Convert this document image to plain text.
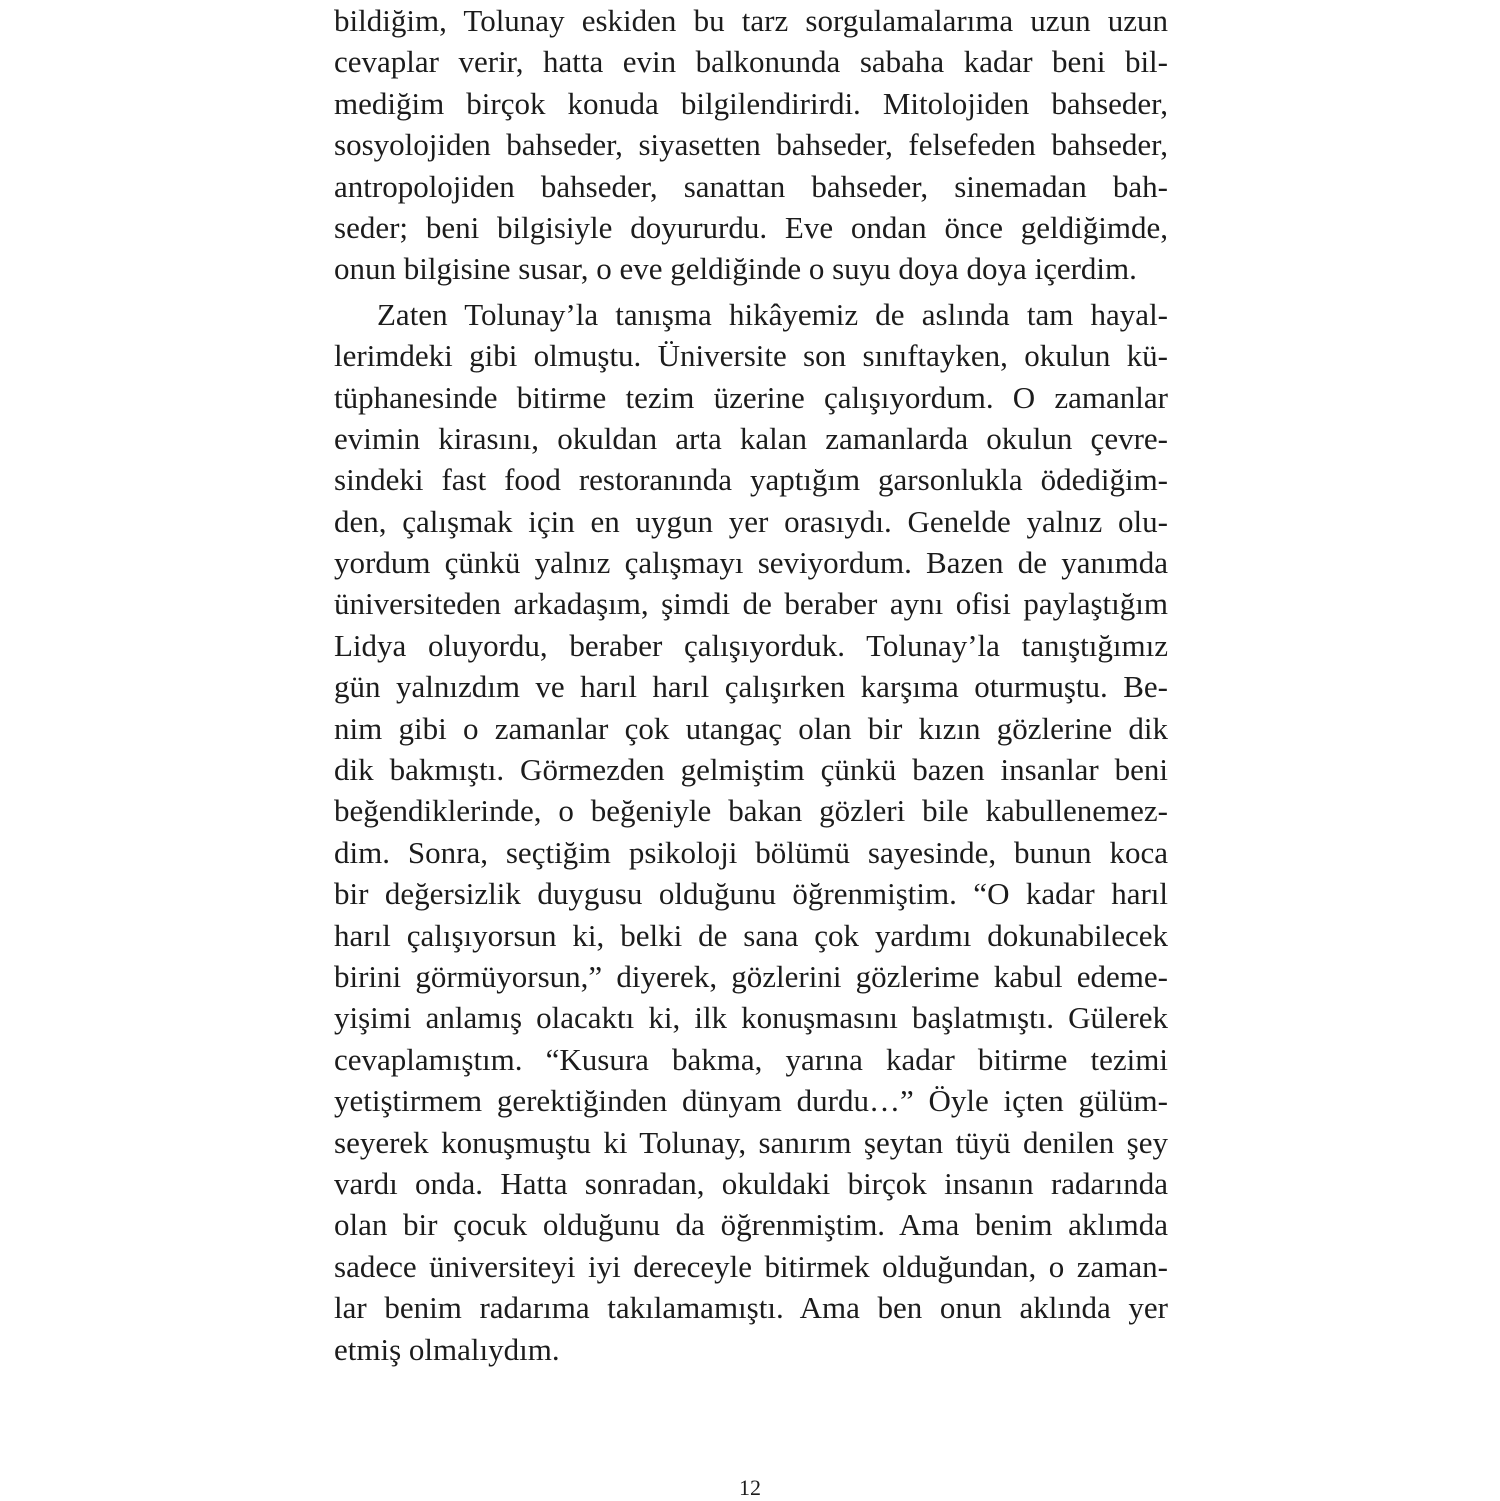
bildiğim, Tolunay eskiden bu tarz sorgulamalarıma uzun uzun
cevaplar verir, hatta evin balkonunda sabaha kadar beni bil-
mediğim birçok konuda bilgilendirirdi. Mitolojiden bahseder,
sosyolojiden bahseder, siyasetten bahseder, felsefeden bahseder,
antropolojiden bahseder, sanattan bahseder, sinemadan bah-
seder; beni bilgisiyle doyururdu. Eve ondan önce geldiğimde,
onun bilgisine susar, o eve geldiğinde o suyu doya doya içerdim.
Zaten Tolunay’la tanışma hikâyemiz de aslında tam hayal-
lerimdeki gibi olmuştu. Üniversite son sınıftayken, okulun kü-
tüphanesinde bitirme tezim üzerine çalışıyordum. O zamanlar
evimin kirasını, okuldan arta kalan zamanlarda okulun çevre-
sindeki fast food restoranında yaptığım garsonlukla ödediğim-
den, çalışmak için en uygun yer orasıydı. Genelde yalnız olu-
yordum çünkü yalnız çalışmayı seviyordum. Bazen de yanımda
üniversiteden arkadaşım, şimdi de beraber aynı ofisi paylaştığım
Lidya oluyordu, beraber çalışıyorduk. Tolunay’la tanıştığımız
gün yalnızdım ve harıl harıl çalışırken karşıma oturmuştu. Be-
nim gibi o zamanlar çok utangaç olan bir kızın gözlerine dik
dik bakmıştı. Görmezden gelmiştim çünkü bazen insanlar beni
beğendiklerinde, o beğeniyle bakan gözleri bile kabullenemez-
dim. Sonra, seçtiğim psikoloji bölümü sayesinde, bunun koca
bir değersizlik duygusu olduğunu öğrenmiştim. “O kadar harıl
harıl çalışıyorsun ki, belki de sana çok yardımı dokunabilecek
birini görmüyorsun,” diyerek, gözlerini gözlerime kabul edeme-
yişimi anlamış olacaktı ki, ilk konuşmasını başlatmıştı. Gülerek
cevaplamıştım. “Kusura bakma, yarına kadar bitirme tezimi
yetiştirmem gerektiğinden dünyam durdu…” Öyle içten gülüm-
seyerek konuşmuştu ki Tolunay, sanırım şeytan tüyü denilen şey
vardı onda. Hatta sonradan, okuldaki birçok insanın radarında
olan bir çocuk olduğunu da öğrenmiştim. Ama benim aklımda
sadece üniversiteyi iyi dereceyle bitirmek olduğundan, o zaman-
lar benim radarıma takılamamıştı. Ama ben onun aklında yer
etmiş olmalıydım.
12
